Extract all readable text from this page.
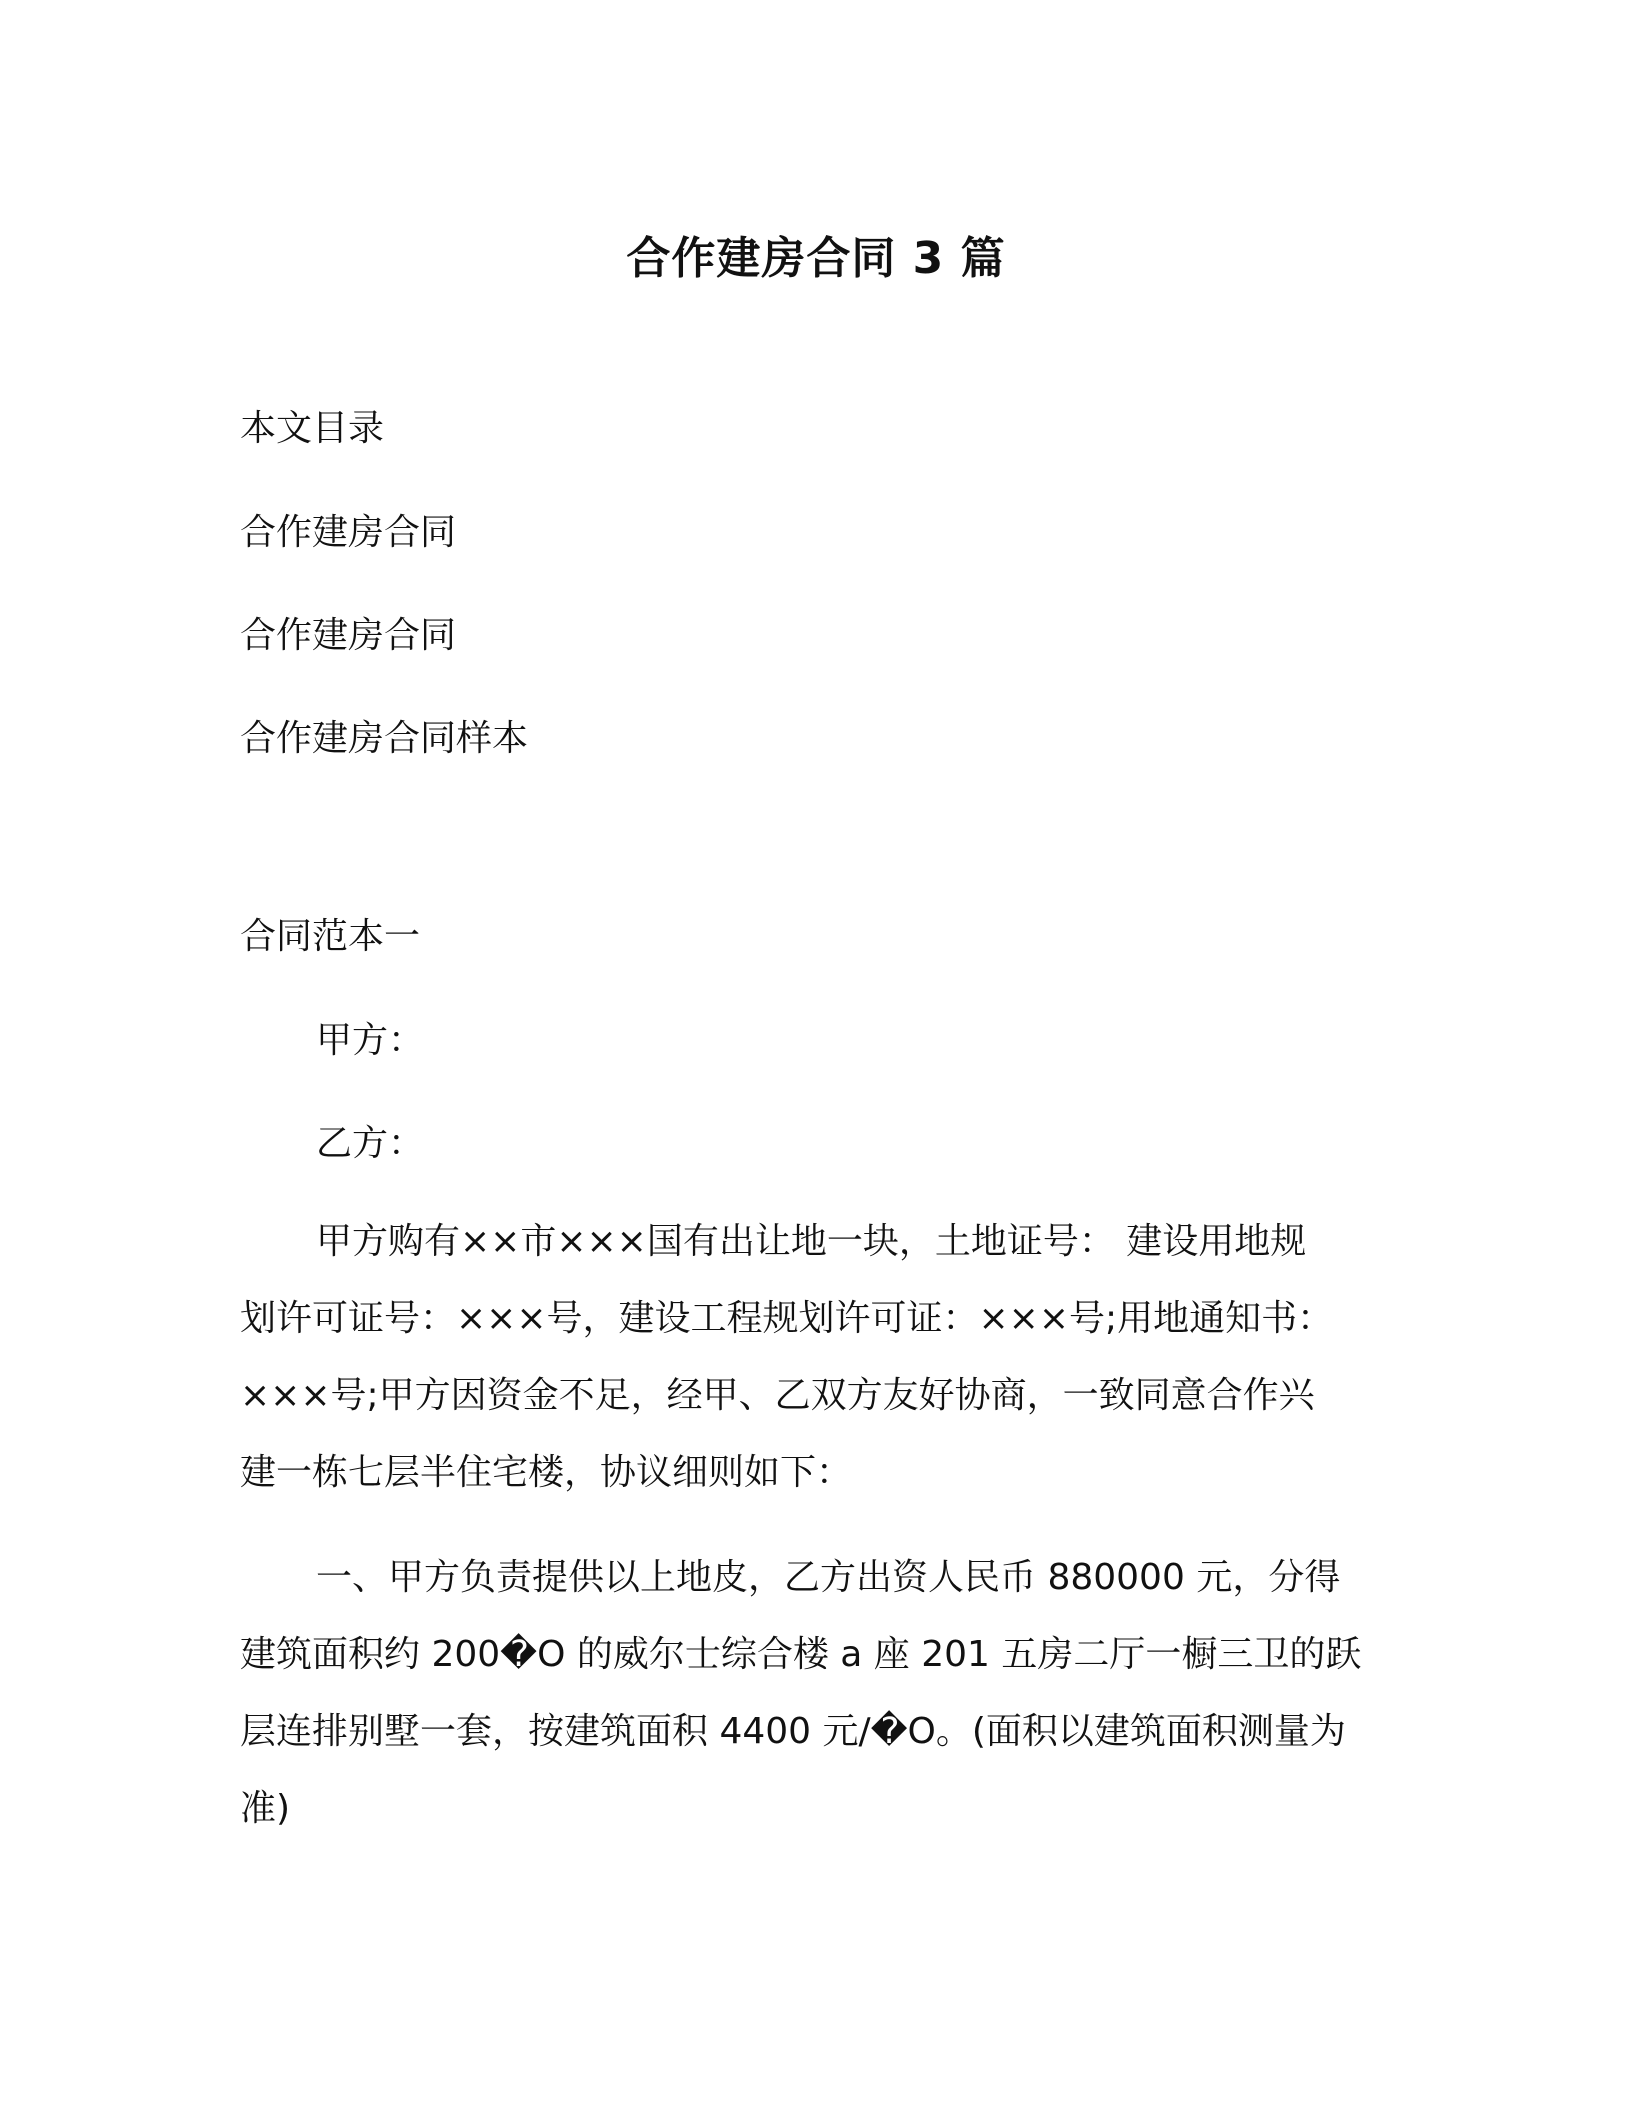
合作建房合同 3 篇

本文目录

合作建房合同

合作建房合同

合作建房合同样本

合同范本一

甲方：

乙方：

甲方购有××市×××国有出让地一块，土地证号： 建设用地规
划许可证号：×××号，建设工程规划许可证：×××号;用地通知书：
×××号;甲方因资金不足，经甲、乙双方友好协商，一致同意合作兴
建一栋七层半住宅楼，协议细则如下：
一、甲方负责提供以上地皮，乙方出资人民币 880000 元，分得
建筑面积约 200�O 的威尔士综合楼 a 座 201 五房二厅一橱三卫的跃
层连排别墅一套，按建筑面积 4400 元/�O。(面积以建筑面积测量为
准)
